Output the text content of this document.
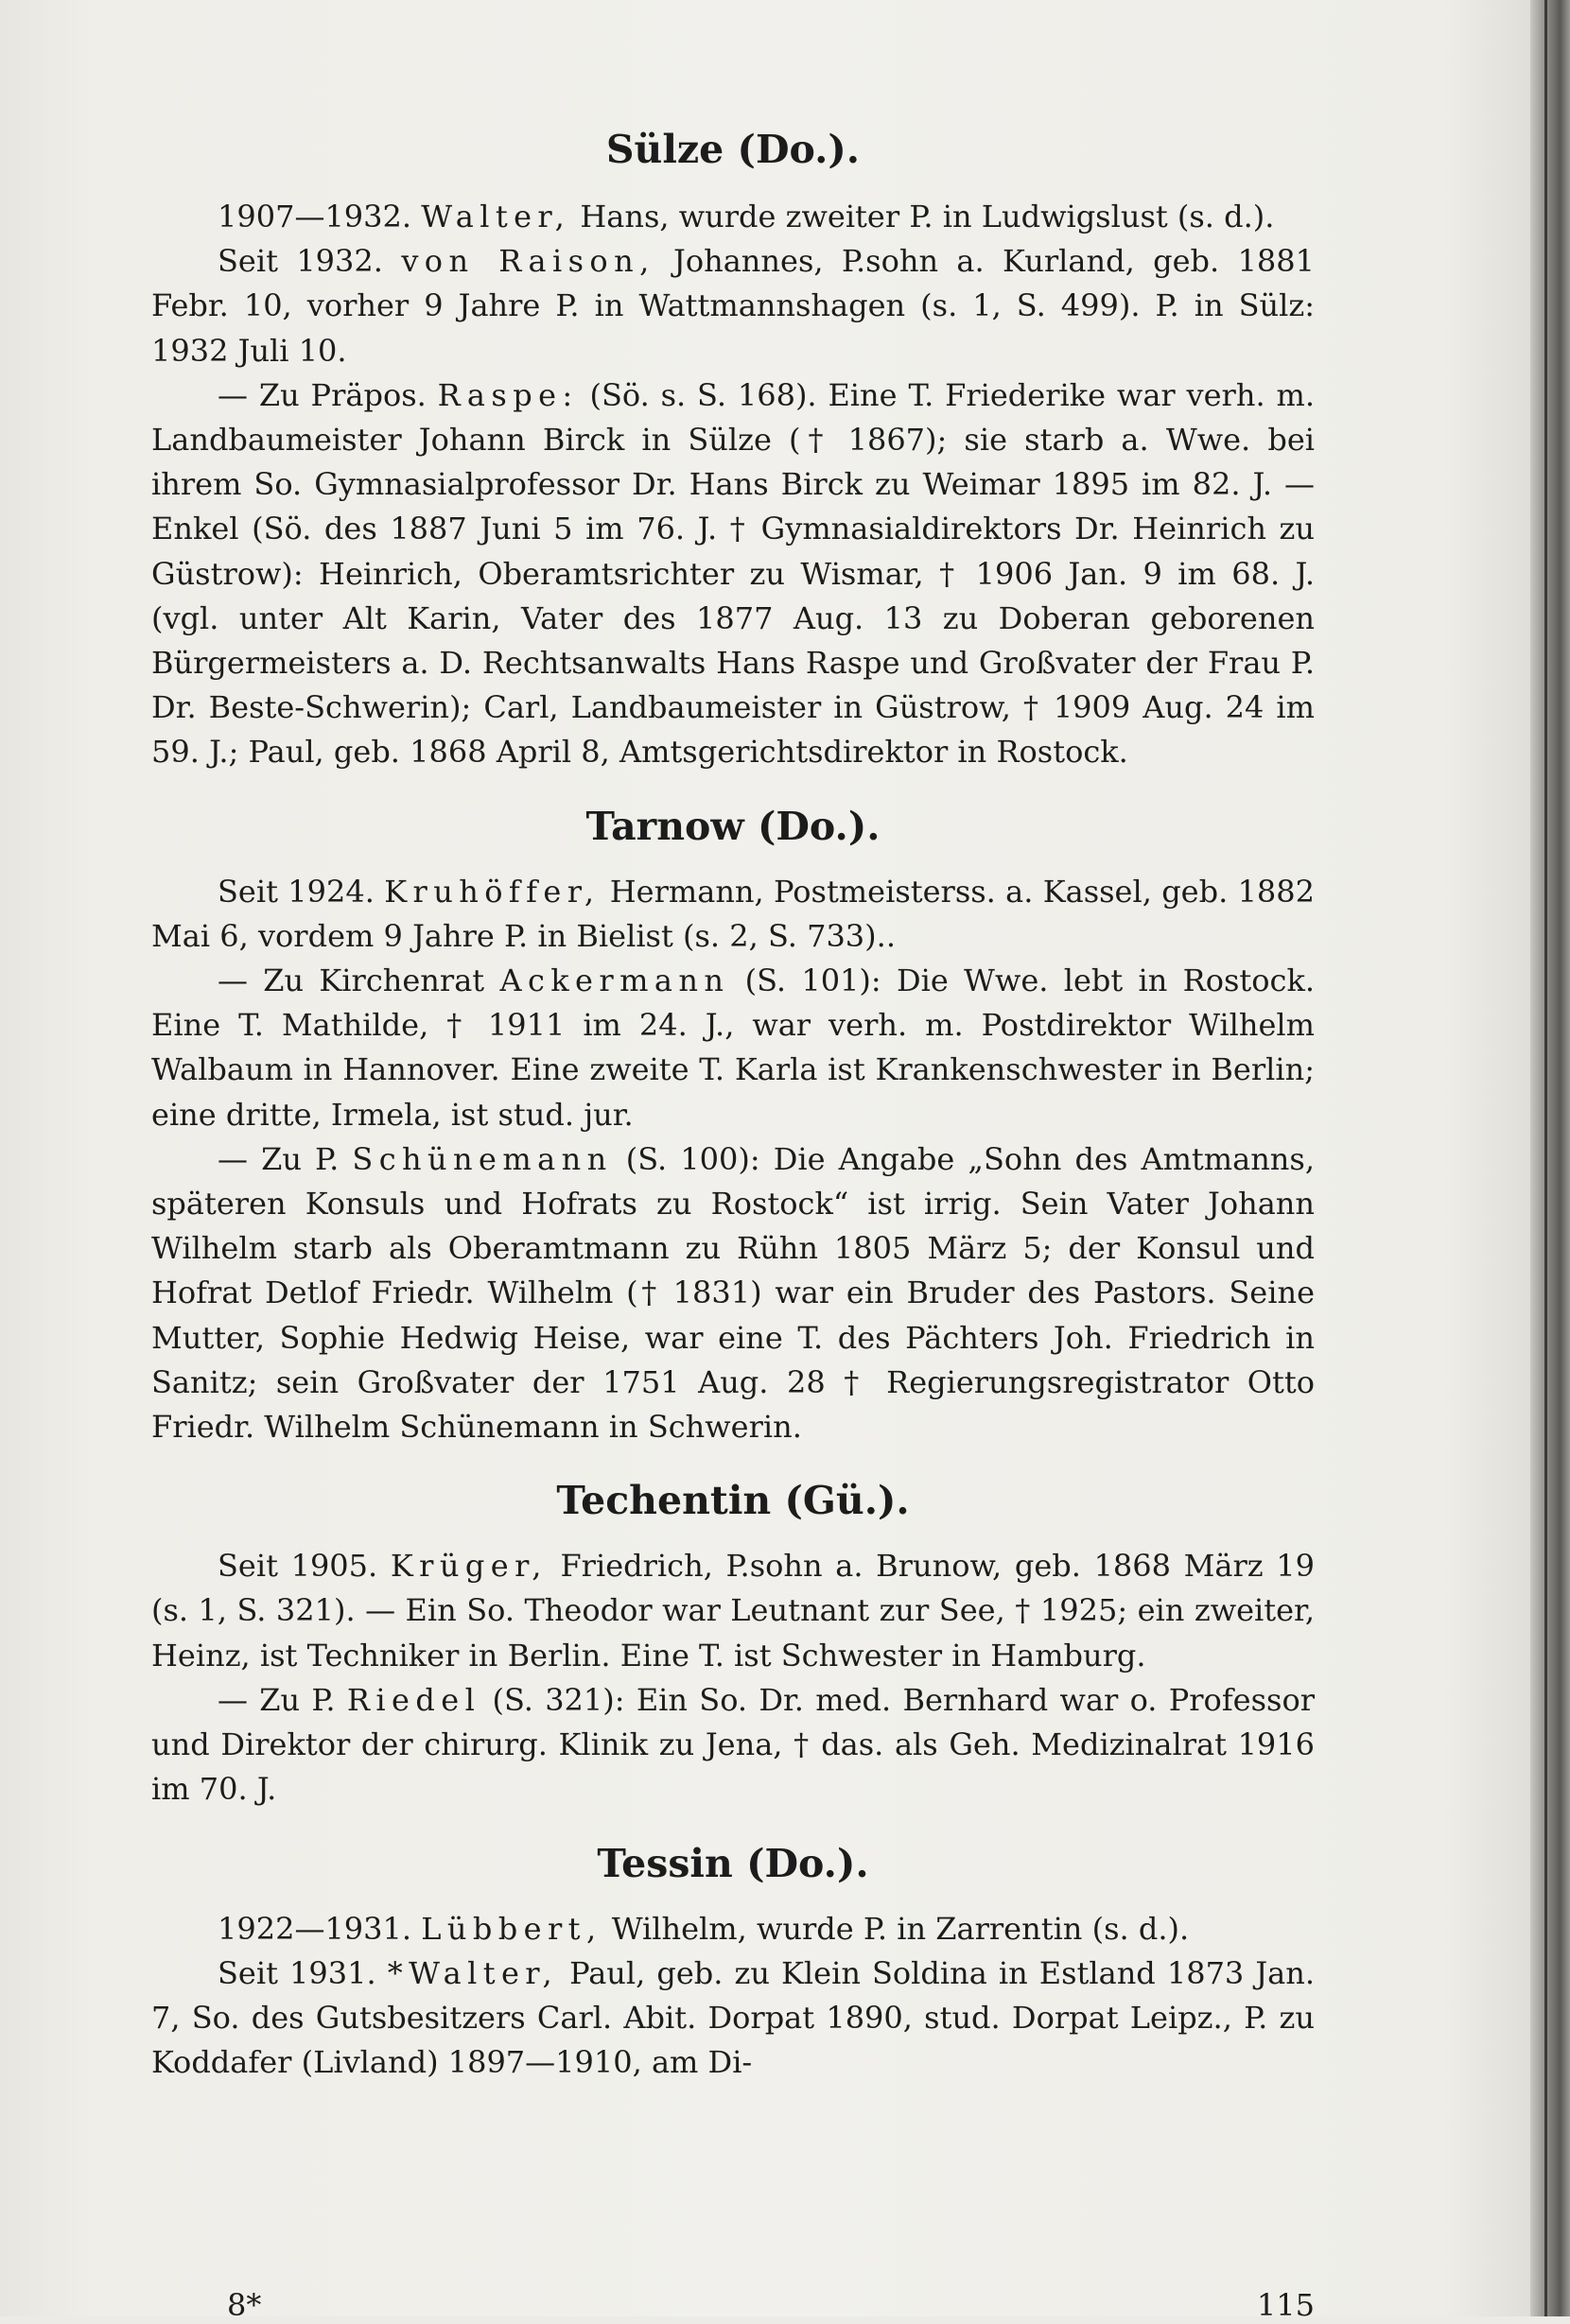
Sülze (Do.).

1907—1932. Walter, Hans, wurde zweiter P. in Ludwigslust (s. d.).

Seit 1932. von Raison, Johannes, P.sohn a. Kurland, geb. 1881 Febr. 10, vorher 9 Jahre P. in Wattmannshagen (s. 1, S. 499). P. in Sülz: 1932 Juli 10.

— Zu Präpos. Raspe: (Sö. s. S. 168). Eine T. Friederike war verh. m. Landbaumeister Johann Birck in Sülze († 1867); sie starb a. Wwe. bei ihrem So. Gymnasialprofessor Dr. Hans Birck zu Weimar 1895 im 82. J. — Enkel (Sö. des 1887 Juni 5 im 76. J. † Gymnasialdirektors Dr. Heinrich zu Güstrow): Heinrich, Oberamtsrichter zu Wismar, † 1906 Jan. 9 im 68. J. (vgl. unter Alt Karin, Vater des 1877 Aug. 13 zu Doberan geborenen Bürgermeisters a. D. Rechtsanwalts Hans Raspe und Großvater der Frau P. Dr. Beste-Schwerin); Carl, Landbaumeister in Güstrow, † 1909 Aug. 24 im 59. J.; Paul, geb. 1868 April 8, Amtsgerichtsdirektor in Rostock.

Tarnow (Do.).

Seit 1924. Kruhöffer, Hermann, Postmeisterss. a. Kassel, geb. 1882 Mai 6, vordem 9 Jahre P. in Bielist (s. 2, S. 733)..

— Zu Kirchenrat Ackermann (S. 101): Die Wwe. lebt in Rostock. Eine T. Mathilde, † 1911 im 24. J., war verh. m. Postdirektor Wilhelm Walbaum in Hannover. Eine zweite T. Karla ist Krankenschwester in Berlin; eine dritte, Irmela, ist stud. jur.

— Zu P. Schünemann (S. 100): Die Angabe „Sohn des Amtmanns, späteren Konsuls und Hofrats zu Rostock“ ist irrig. Sein Vater Johann Wilhelm starb als Oberamtmann zu Rühn 1805 März 5; der Konsul und Hofrat Detlof Friedr. Wilhelm († 1831) war ein Bruder des Pastors. Seine Mutter, Sophie Hedwig Heise, war eine T. des Pächters Joh. Friedrich in Sanitz; sein Großvater der 1751 Aug. 28 † Regierungsregistrator Otto Friedr. Wilhelm Schünemann in Schwerin.

Techentin (Gü.).

Seit 1905. Krüger, Friedrich, P.sohn a. Brunow, geb. 1868 März 19 (s. 1, S. 321). — Ein So. Theodor war Leutnant zur See, † 1925; ein zweiter, Heinz, ist Techniker in Berlin. Eine T. ist Schwester in Hamburg.

— Zu P. Riedel (S. 321): Ein So. Dr. med. Bernhard war o. Professor und Direktor der chirurg. Klinik zu Jena, † das. als Geh. Medizinalrat 1916 im 70. J.

Tessin (Do.).

1922—1931. Lübbert, Wilhelm, wurde P. in Zarrentin (s. d.).

Seit 1931. *Walter, Paul, geb. zu Klein Soldina in Estland 1873 Jan. 7, So. des Gutsbesitzers Carl. Abit. Dorpat 1890, stud. Dorpat Leipz., P. zu Koddafer (Livland) 1897—1910, am Di-

8*	115
